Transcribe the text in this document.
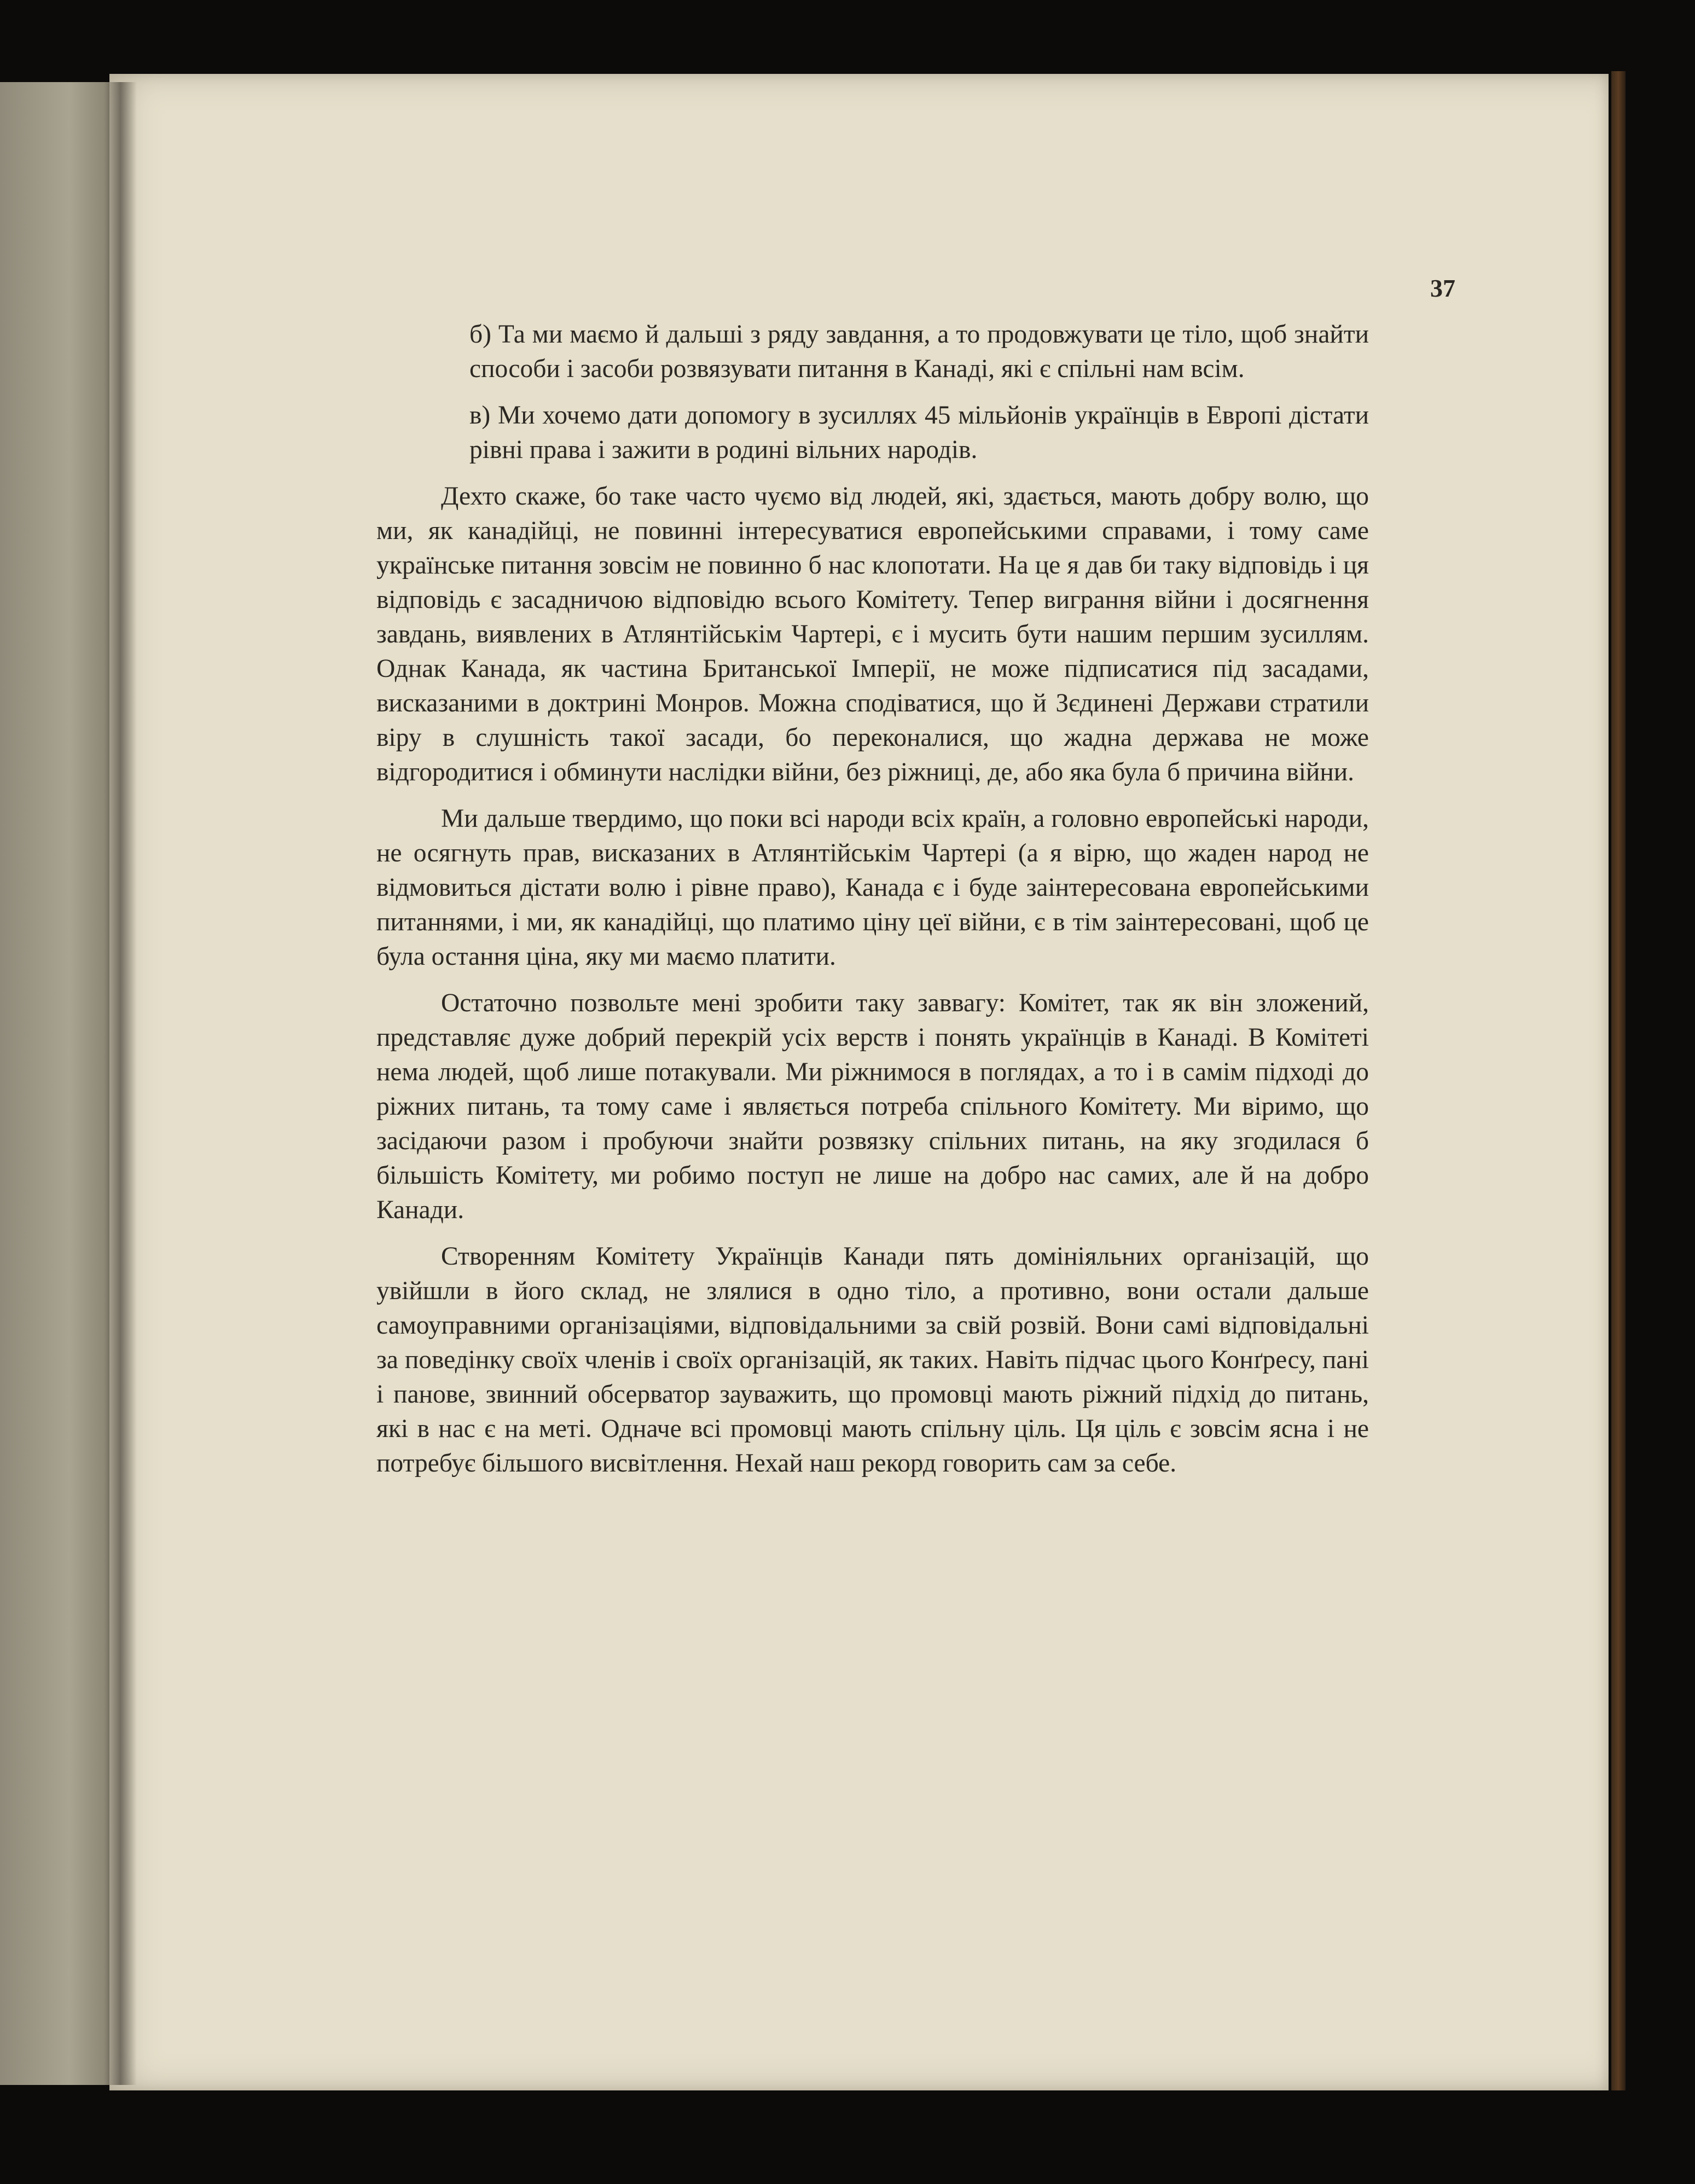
37

б) Та ми маємо й дальші з ряду завдання, а то продовжувати це тіло, щоб знайти способи і засоби розвязувати питання в Канаді, які є спільні нам всім.

в) Ми хочемо дати допомогу в зусиллях 45 мільйонів українців в Европі дістати рівні права і зажити в родині вільних народів.

Дехто скаже, бо таке часто чуємо від людей, які, здається, мають добру волю, що ми, як канадійці, не повинні інтересуватися европейськими справами, і тому саме українське питання зовсім не повинно б нас клопотати. На це я дав би таку відповідь і ця відповідь є засадничою відповідю всього Комітету. Тепер виграння війни і досягнення завдань, виявлених в Атлянтійськім Чартері, є і мусить бути нашим першим зусиллям. Однак Канада, як частина Британської Імперії, не може підписатися під засадами, висказаними в доктрині Монров. Можна сподіватися, що й Зєдинені Держави стратили віру в слушність такої засади, бо переконалися, що жадна держава не може відгородитися і обминути наслідки війни, без ріжниці, де, або яка була б причина війни.

Ми дальше твердимо, що поки всі народи всіх країн, а головно европейські народи, не осягнуть прав, висказаних в Атлянтійськім Чартері (а я вірю, що жаден народ не відмовиться дістати волю і рівне право), Канада є і буде заінтересована европейськими питаннями, і ми, як канадійці, що платимо ціну цеї війни, є в тім заінтересовані, щоб це була остання ціна, яку ми маємо платити.

Остаточно позвольте мені зробити таку заввагу: Комітет, так як він зложений, представляє дуже добрий перекрій усіх верств і понять українців в Канаді. В Комітеті нема людей, щоб лише потакували. Ми ріжнимося в поглядах, а то і в самім підході до ріжних питань, та тому саме і являється потреба спільного Комітету. Ми віримо, що засідаючи разом і пробуючи знайти розвязку спільних питань, на яку згодилася б більшість Комітету, ми робимо поступ не лише на добро нас самих, але й на добро Канади.

Створенням Комітету Українців Канади пять домініяльних організацій, що увійшли в його склад, не злялися в одно тіло, а противно, вони остали дальше самоуправними організаціями, відповідальними за свій розвій. Вони самі відповідальні за поведінку своїх членів і своїх організацій, як таких. Навіть підчас цього Конґресу, пані і панове, звинний обсерватор зауважить, що промовці мають ріжний підхід до питань, які в нас є на меті. Одначе всі промовці мають спільну ціль. Ця ціль є зовсім ясна і не потребує більшого висвітлення. Нехай наш рекорд говорить сам за себе.
